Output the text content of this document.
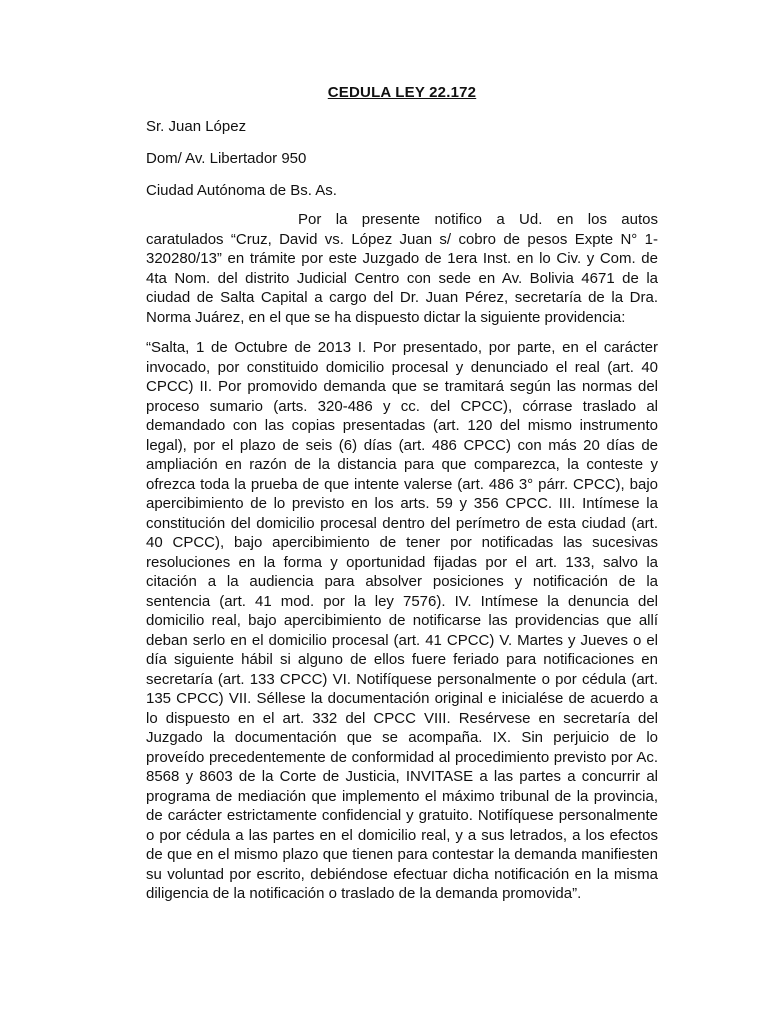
CEDULA LEY 22.172
Sr. Juan López
Dom/ Av. Libertador 950
Ciudad Autónoma de Bs. As.
Por la presente notifico a Ud. en los autos caratulados “Cruz, David vs. López Juan s/ cobro de pesos Expte N° 1-320280/13” en trámite por este Juzgado de 1era Inst. en lo Civ. y Com. de 4ta Nom. del distrito Judicial Centro con sede en Av. Bolivia 4671 de la ciudad de Salta Capital a cargo del Dr. Juan Pérez, secretaría de la Dra. Norma Juárez, en el que se ha dispuesto dictar la siguiente providencia:
“Salta, 1 de Octubre de 2013 I. Por presentado, por parte, en el carácter invocado, por constituido domicilio procesal y denunciado el real (art. 40 CPCC) II. Por promovido demanda que se tramitará según las normas del proceso sumario (arts. 320-486 y cc. del CPCC), córrase traslado al demandado con las copias presentadas (art. 120 del mismo instrumento legal), por el plazo de seis (6) días (art. 486 CPCC) con más 20 días de ampliación en razón de la distancia para que comparezca, la conteste y ofrezca toda la prueba de que intente valerse (art. 486 3° párr. CPCC), bajo apercibimiento de lo previsto en los arts. 59 y 356 CPCC. III. Intímese la constitución del domicilio procesal dentro del perímetro de esta ciudad (art. 40 CPCC), bajo apercibimiento de tener por notificadas las sucesivas resoluciones en la forma y oportunidad fijadas por el art. 133, salvo la citación a la audiencia para absolver posiciones y notificación de la sentencia (art. 41 mod. por la ley 7576). IV. Intímese la denuncia del domicilio real, bajo apercibimiento de notificarse las providencias que allí deban serlo en el domicilio procesal (art. 41 CPCC) V. Martes y Jueves o el día siguiente hábil si alguno de ellos fuere feriado para notificaciones en secretaría (art. 133 CPCC) VI. Notifíquese personalmente o por cédula (art. 135 CPCC) VII. Séllese la documentación original e inicialése de acuerdo a lo dispuesto en el art. 332 del CPCC VIII. Resérvese en secretaría del Juzgado la documentación que se acompaña. IX. Sin perjuicio de lo proveído precedentemente de conformidad al procedimiento previsto por Ac. 8568 y 8603 de la Corte de Justicia, INVITASE a las partes a concurrir al programa de mediación que implemento el máximo tribunal de la provincia, de carácter estrictamente confidencial y gratuito. Notifíquese personalmente o por cédula a las partes en el domicilio real, y a sus letrados, a los efectos de que en el mismo plazo que tienen para contestar la demanda manifiesten su voluntad por escrito, debiéndose efectuar dicha notificación en la misma diligencia de la notificación o traslado de la demanda promovida”.
